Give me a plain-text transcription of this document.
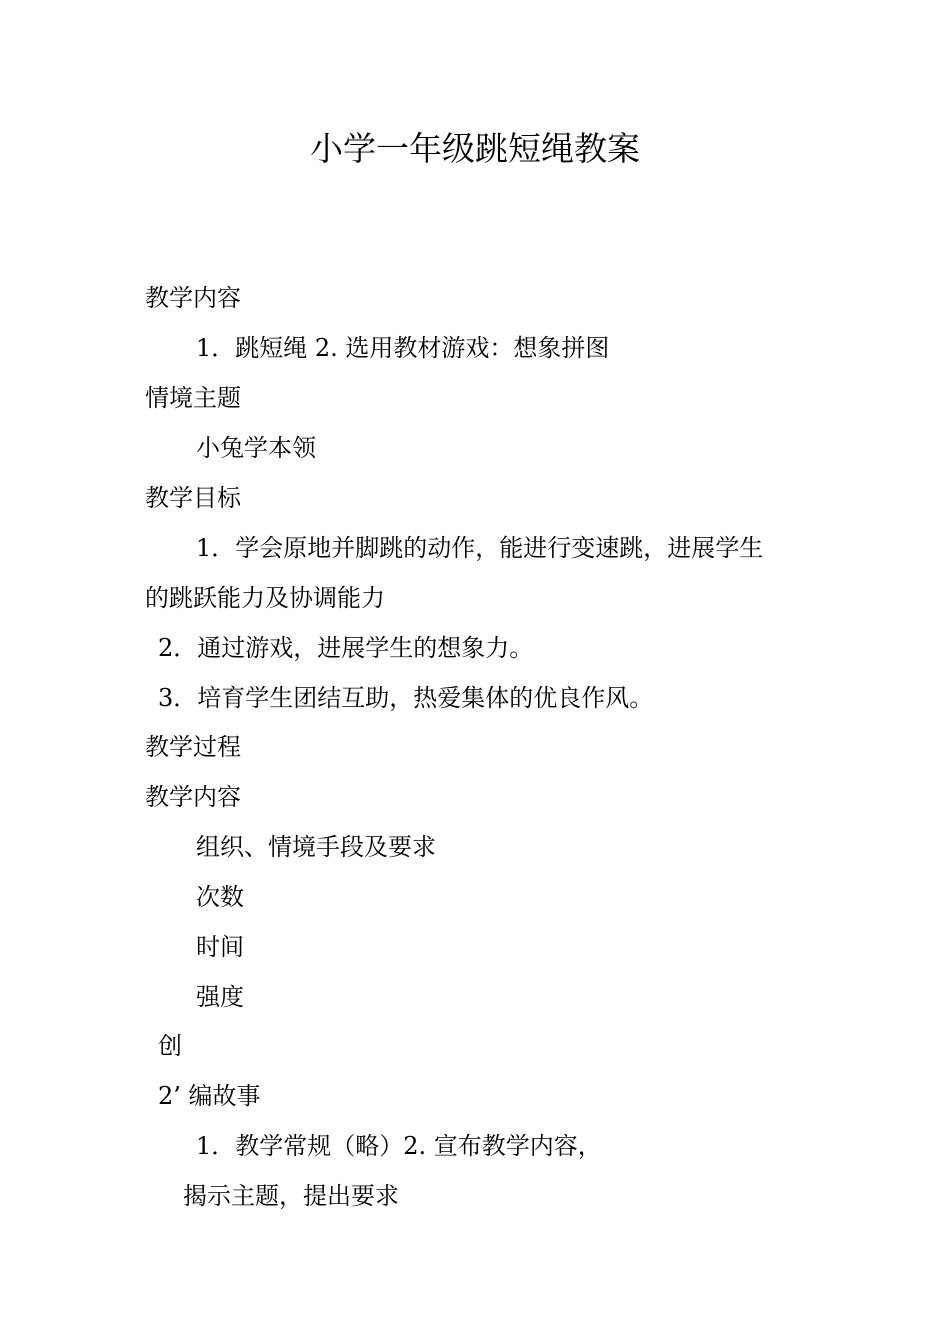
小学一年级跳短绳教案
教学内容
1．跳短绳 2. 选用教材游戏：想象拼图
情境主题
小兔学本领
教学目标
1．学会原地并脚跳的动作，能进行变速跳，进展学生
的跳跃能力及协调能力
2．通过游戏，进展学生的想象力。
3．培育学生团结互助，热爱集体的优良作风。
教学过程
教学内容
组织、情境手段及要求
次数
时间
强度
创
2’ 编故事
1．教学常规（略）2. 宣布教学内容，
揭示主题，提出要求
